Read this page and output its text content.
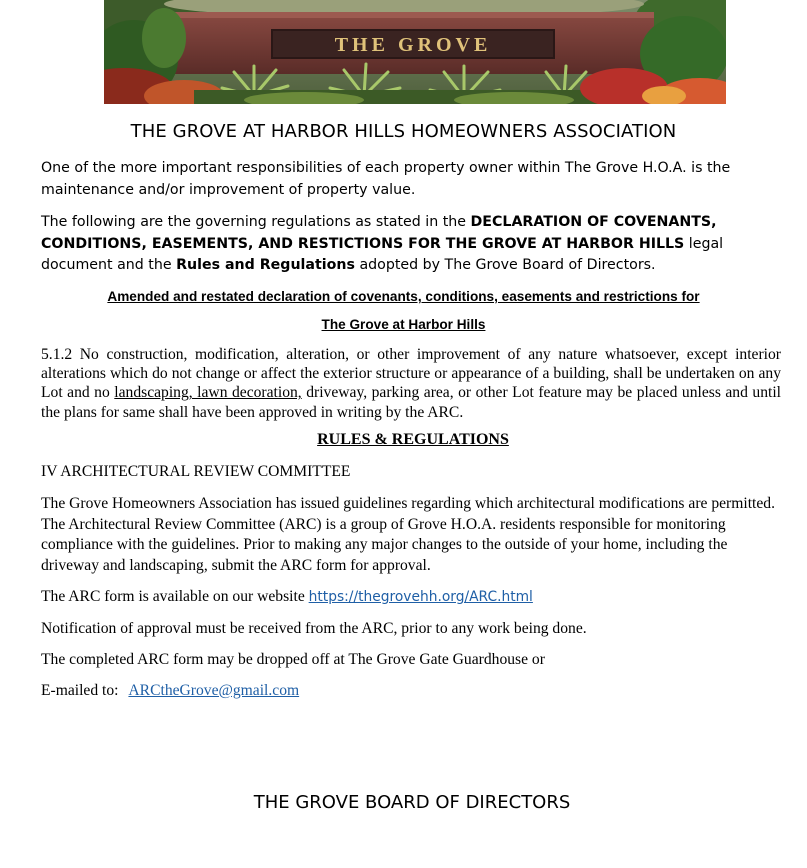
THE GROVE
THE GROVE AT HARBOR HILLS HOMEOWNERS ASSOCIATION
One of the more important responsibilities of each property owner within The Grove H.O.A. is the maintenance and/or improvement of property value.
The following are the governing regulations as stated in the DECLARATION OF COVENANTS, CONDITIONS, EASEMENTS, AND RESTICTIONS FOR THE GROVE AT HARBOR HILLS legal document and the Rules and Regulations adopted by The Grove Board of Directors.
Amended and restated declaration of covenants, conditions, easements and restrictions for
The Grove at Harbor Hills
5.1.2 No construction, modification, alteration, or other improvement of any nature whatsoever, except interior alterations which do not change or affect the exterior structure or appearance of a building, shall be undertaken on any Lot and no landscaping, lawn decoration, driveway, parking area, or other Lot feature may be placed unless and until the plans for same shall have been approved in writing by the ARC.
RULES & REGULATIONS
IV ARCHITECTURAL REVIEW COMMITTEE
The Grove Homeowners Association has issued guidelines regarding which architectural modifications are permitted. The Architectural Review Committee (ARC) is a group of Grove H.O.A. residents responsible for monitoring compliance with the guidelines. Prior to making any major changes to the outside of your home, including the driveway and landscaping, submit the ARC form for approval.
The ARC form is available on our website https://thegrovehh.org/ARC.html
Notification of approval must be received from the ARC, prior to any work being done.
The completed ARC form may be dropped off at The Grove Gate Guardhouse or
E-mailed to: ARCtheGrove@gmail.com
THE GROVE BOARD OF DIRECTORS
